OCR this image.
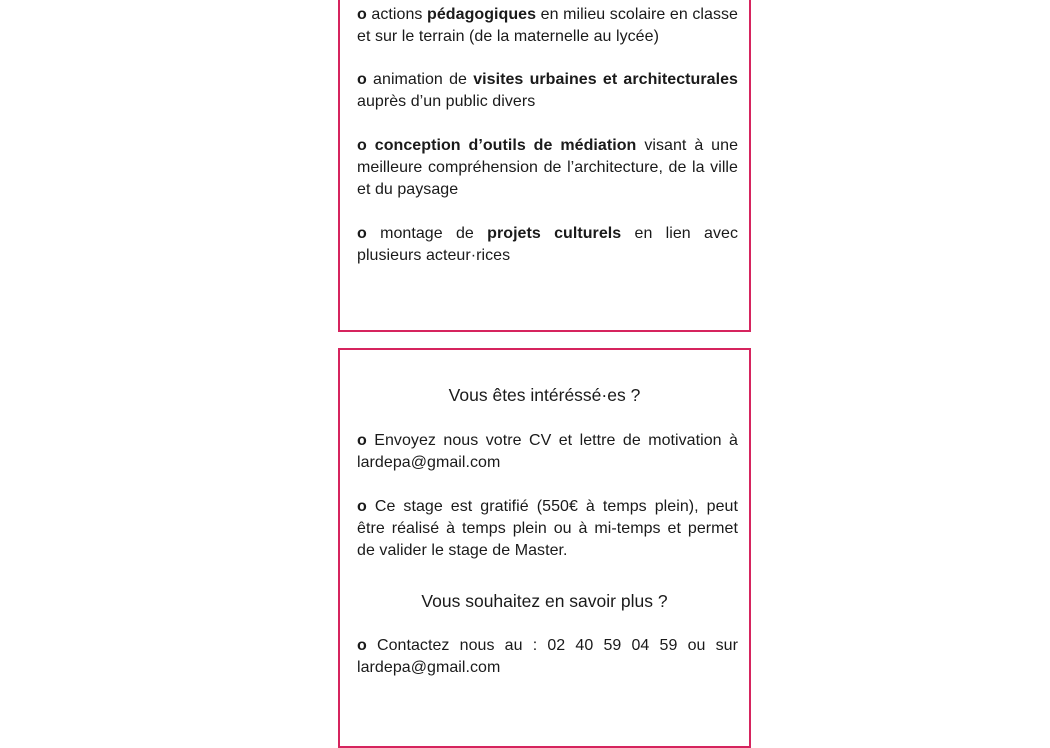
o actions pédagogiques en milieu scolaire en classe et sur le terrain (de la maternelle au lycée)

o animation de visites urbaines et architecturales auprès d’un public divers

o conception d’outils de médiation visant à une meilleure compréhension de l’architecture, de la ville et du paysage

o montage de projets culturels en lien avec plusieurs acteur·rices

Vous êtes intéréssé·es ?

o Envoyez nous votre CV et lettre de motivation à lardepa@gmail.com

o Ce stage est gratifié (550€ à temps plein), peut être réalisé à temps plein ou à mi-temps et permet de valider le stage de Master.

Vous souhaitez en savoir plus ?

o Contactez nous au : 02 40 59 04 59 ou sur lardepa@gmail.com
